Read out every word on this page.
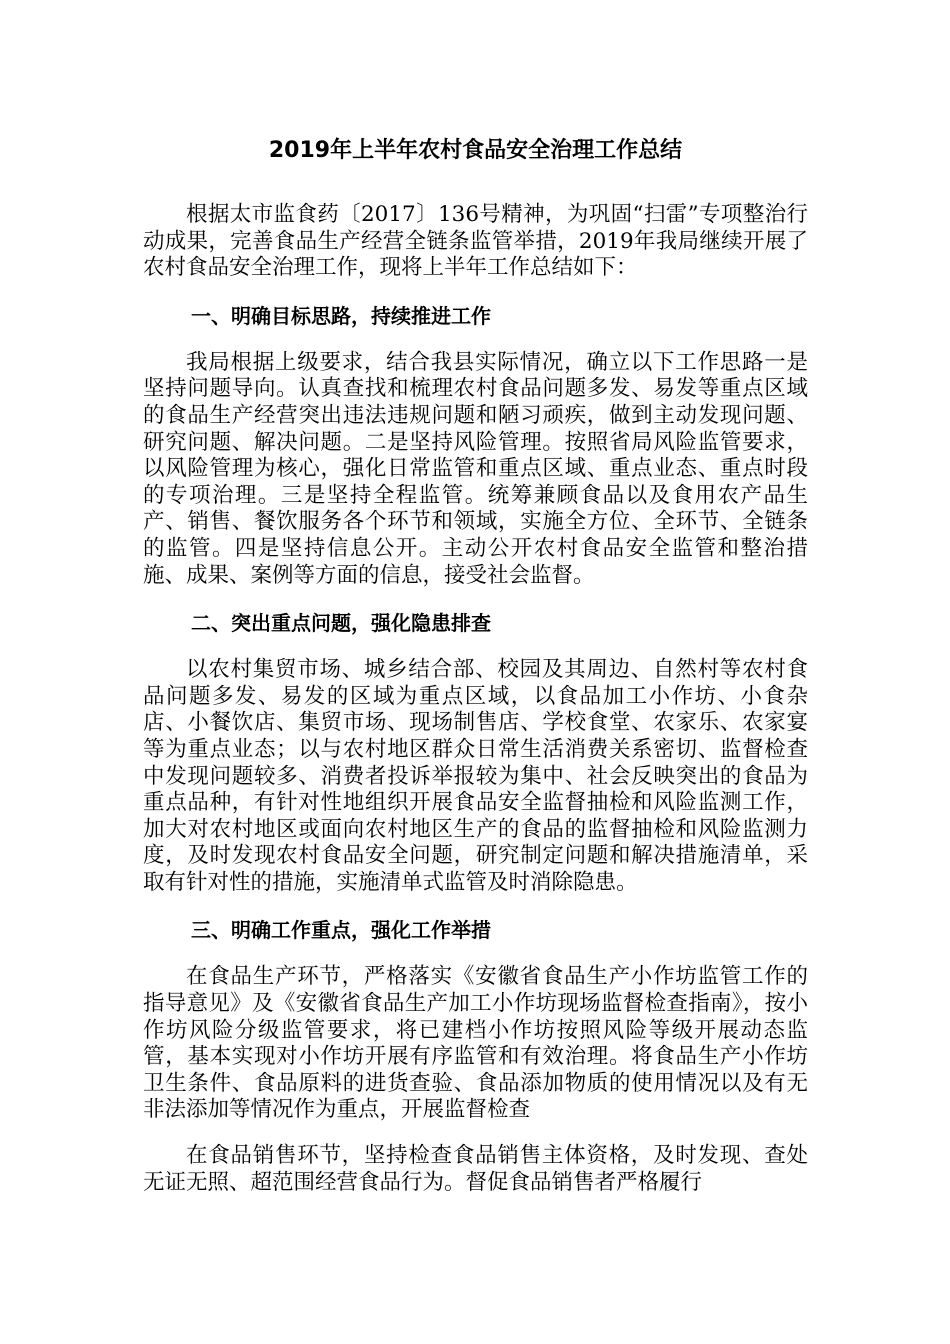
2019年上半年农村食品安全治理工作总结

根据太市监食药〔2017〕136号精神，为巩固“扫雷”专项整治行动成果，完善食品生产经营全链条监管举措，2019年我局继续开展了农村食品安全治理工作，现将上半年工作总结如下：

一、明确目标思路，持续推进工作

我局根据上级要求，结合我县实际情况，确立以下工作思路一是坚持问题导向。认真查找和梳理农村食品问题多发、易发等重点区域的食品生产经营突出违法违规问题和陋习顽疾，做到主动发现问题、研究问题、解决问题。二是坚持风险管理。按照省局风险监管要求，以风险管理为核心，强化日常监管和重点区域、重点业态、重点时段的专项治理。三是坚持全程监管。统筹兼顾食品以及食用农产品生产、销售、餐饮服务各个环节和领域，实施全方位、全环节、全链条的监管。四是坚持信息公开。主动公开农村食品安全监管和整治措施、成果、案例等方面的信息，接受社会监督。

二、突出重点问题，强化隐患排查

以农村集贸市场、城乡结合部、校园及其周边、自然村等农村食品问题多发、易发的区域为重点区域，以食品加工小作坊、小食杂店、小餐饮店、集贸市场、现场制售店、学校食堂、农家乐、农家宴等为重点业态；以与农村地区群众日常生活消费关系密切、监督检查中发现问题较多、消费者投诉举报较为集中、社会反映突出的食品为重点品种，有针对性地组织开展食品安全监督抽检和风险监测工作，加大对农村地区或面向农村地区生产的食品的监督抽检和风险监测力度，及时发现农村食品安全问题，研究制定问题和解决措施清单，采取有针对性的措施，实施清单式监管及时消除隐患。

三、明确工作重点，强化工作举措

在食品生产环节，严格落实《安徽省食品生产小作坊监管工作的指导意见》及《安徽省食品生产加工小作坊现场监督检查指南》，按小作坊风险分级监管要求，将已建档小作坊按照风险等级开展动态监管，基本实现对小作坊开展有序监管和有效治理。将食品生产小作坊卫生条件、食品原料的进货查验、食品添加物质的使用情况以及有无非法添加等情况作为重点，开展监督检查

在食品销售环节，坚持检查食品销售主体资格，及时发现、查处无证无照、超范围经营食品行为。督促食品销售者严格履行
